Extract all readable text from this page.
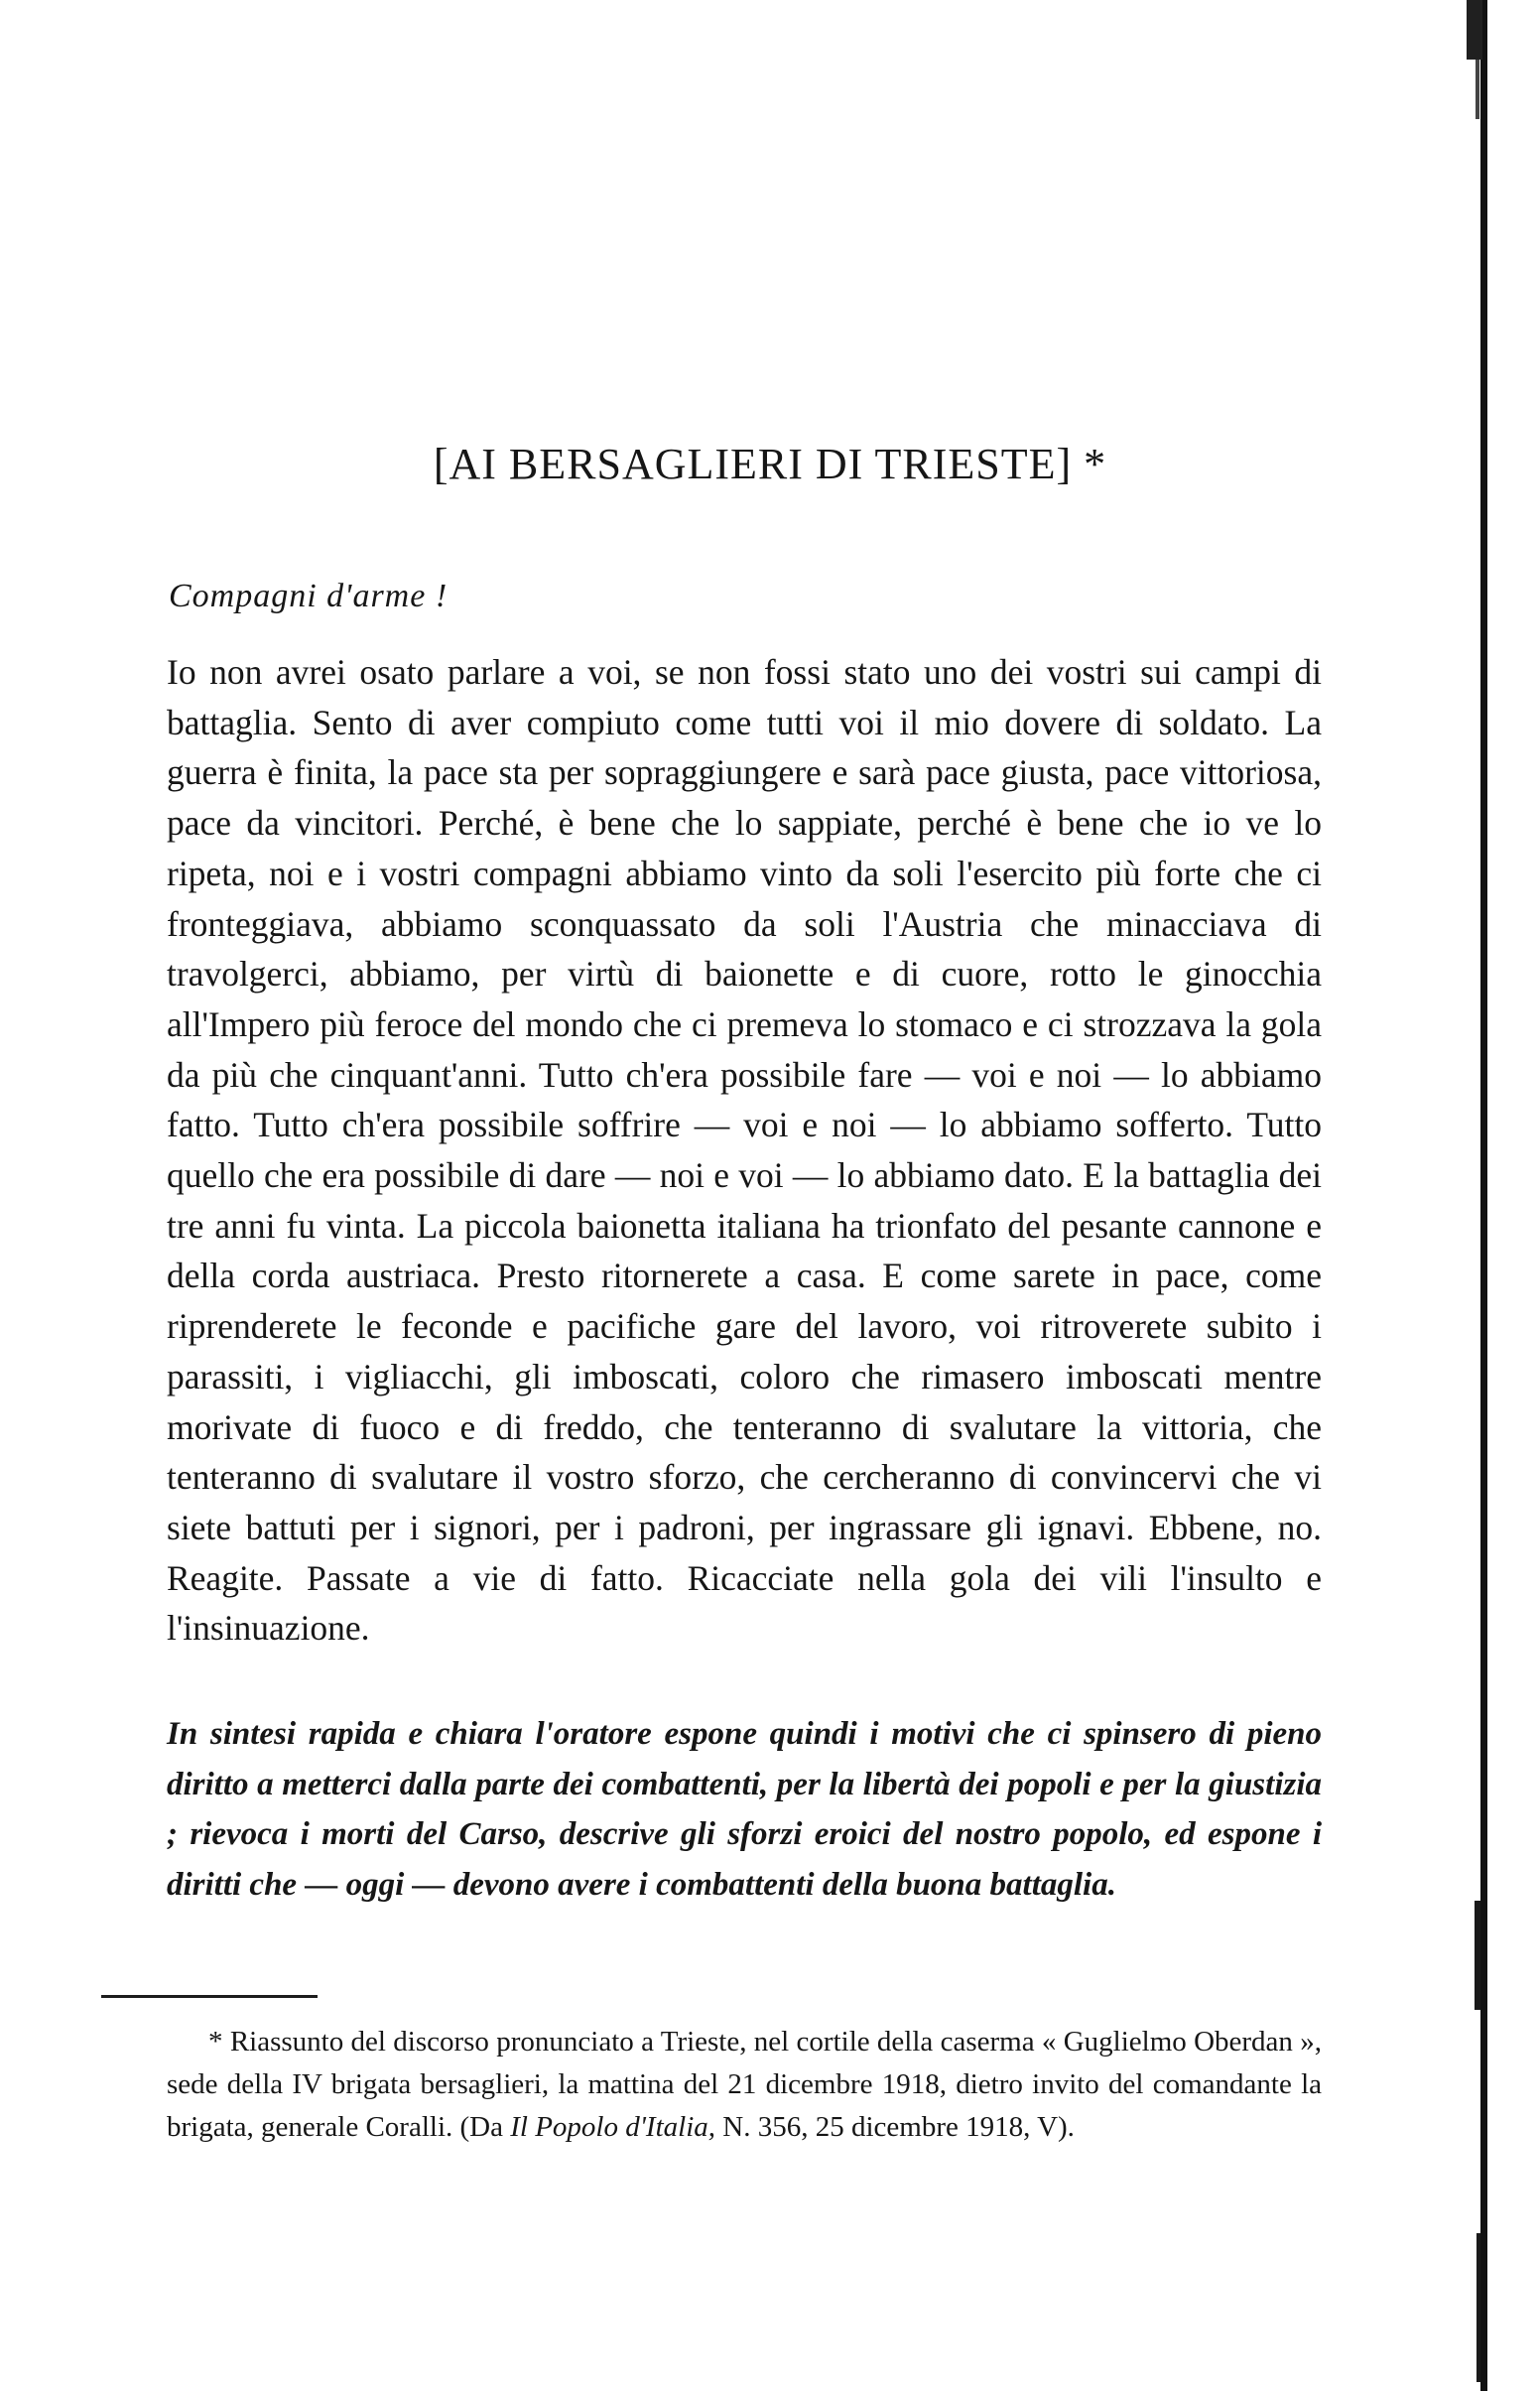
[AI BERSAGLIERI DI TRIESTE] *

Compagni d'arme !

Io non avrei osato parlare a voi, se non fossi stato uno dei vostri sui campi di battaglia. Sento di aver compiuto come tutti voi il mio dovere di soldato. La guerra è finita, la pace sta per sopraggiungere e sarà pace giusta, pace vittoriosa, pace da vincitori. Perché, è bene che lo sappiate, perché è bene che io ve lo ripeta, noi e i vostri compagni abbiamo vinto da soli l'esercito più forte che ci fronteggiava, abbiamo sconquassato da soli l'Austria che minacciava di travolgerci, abbiamo, per virtù di baionette e di cuore, rotto le ginocchia all'Impero più feroce del mondo che ci premeva lo stomaco e ci strozzava la gola da più che cinquant'anni. Tutto ch'era possibile fare — voi e noi — lo abbiamo fatto. Tutto ch'era possibile soffrire — voi e noi — lo abbiamo sofferto. Tutto quello che era possibile di dare — noi e voi — lo abbiamo dato. E la battaglia dei tre anni fu vinta. La piccola baionetta italiana ha trionfato del pesante cannone e della corda austriaca. Presto ritornerete a casa. E come sarete in pace, come riprenderete le feconde e pacifiche gare del lavoro, voi ritroverete subito i parassiti, i vigliacchi, gli imboscati, coloro che rimasero imboscati mentre morivate di fuoco e di freddo, che tenteranno di svalutare la vittoria, che tenteranno di svalutare il vostro sforzo, che cercheranno di convincervi che vi siete battuti per i signori, per i padroni, per ingrassare gli ignavi. Ebbene, no. Reagite. Passate a vie di fatto. Ricacciate nella gola dei vili l'insulto e l'insinuazione.

In sintesi rapida e chiara l'oratore espone quindi i motivi che ci spinsero di pieno diritto a metterci dalla parte dei combattenti, per la libertà dei popoli e per la giustizia ; rievoca i morti del Carso, descrive gli sforzi eroici del nostro popolo, ed espone i diritti che — oggi — devono avere i combattenti della buona battaglia.

* Riassunto del discorso pronunciato a Trieste, nel cortile della caserma « Guglielmo Oberdan », sede della IV brigata bersaglieri, la mattina del 21 dicembre 1918, dietro invito del comandante la brigata, generale Coralli. (Da Il Popolo d'Italia, N. 356, 25 dicembre 1918, V).
